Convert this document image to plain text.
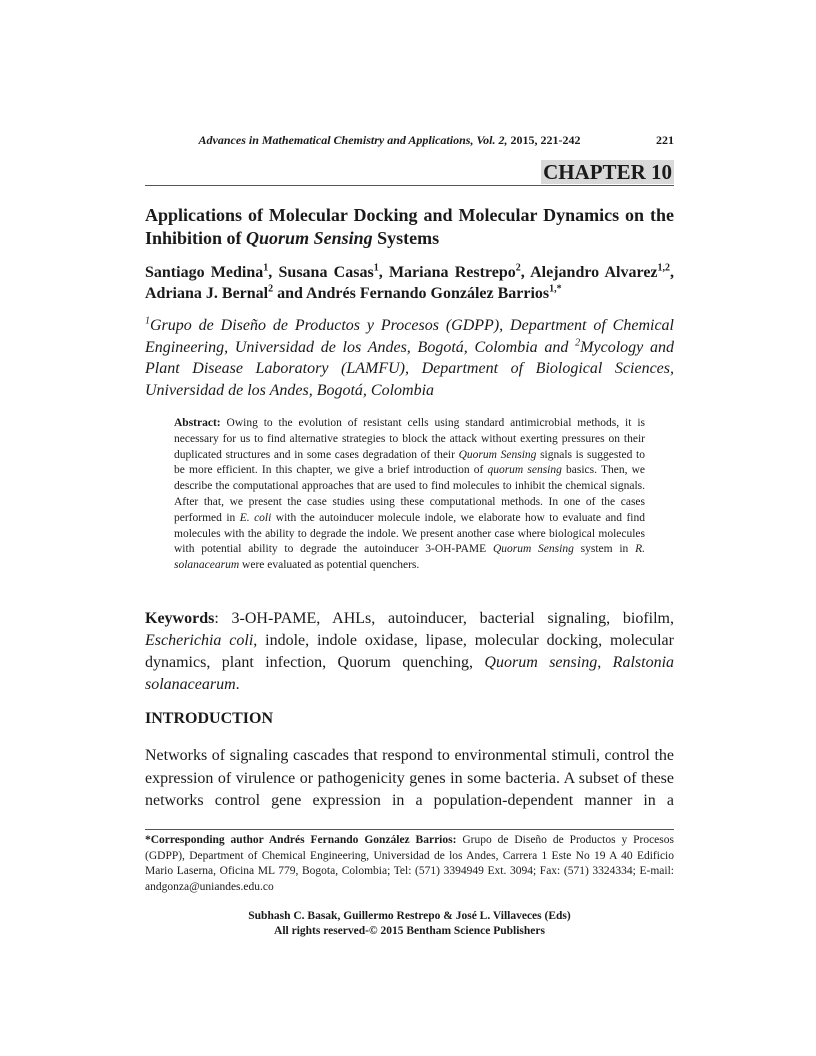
Advances in Mathematical Chemistry and Applications, Vol. 2, 2015, 221-242	221
CHAPTER 10
Applications of Molecular Docking and Molecular Dynamics on the Inhibition of Quorum Sensing Systems
Santiago Medina$^1$, Susana Casas$^1$, Mariana Restrepo$^2$, Alejandro Alvarez$^{1,2}$, Adriana J. Bernal$^2$ and Andrés Fernando González Barrios$^{1,*}$
$^1$Grupo de Diseño de Productos y Procesos (GDPP), Department of Chemical Engineering, Universidad de los Andes, Bogotá, Colombia and $^2$Mycology and Plant Disease Laboratory (LAMFU), Department of Biological Sciences, Universidad de los Andes, Bogotá, Colombia
Abstract: Owing to the evolution of resistant cells using standard antimicrobial methods, it is necessary for us to find alternative strategies to block the attack without exerting pressures on their duplicated structures and in some cases degradation of their Quorum Sensing signals is suggested to be more efficient. In this chapter, we give a brief introduction of quorum sensing basics. Then, we describe the computational approaches that are used to find molecules to inhibit the chemical signals. After that, we present the case studies using these computational methods. In one of the cases performed in E. coli with the autoinducer molecule indole, we elaborate how to evaluate and find molecules with the ability to degrade the indole. We present another case where biological molecules with potential ability to degrade the autoinducer 3-OH-PAME Quorum Sensing system in R. solanacearum were evaluated as potential quenchers.
Keywords: 3-OH-PAME, AHLs, autoinducer, bacterial signaling, biofilm, Escherichia coli, indole, indole oxidase, lipase, molecular docking, molecular dynamics, plant infection, Quorum quenching, Quorum sensing, Ralstonia solanacearum.
INTRODUCTION
Networks of signaling cascades that respond to environmental stimuli, control the expression of virulence or pathogenicity genes in some bacteria. A subset of these networks control gene expression in a population-dependent manner in a
*Corresponding author Andrés Fernando González Barrios: Grupo de Diseño de Productos y Procesos (GDPP), Department of Chemical Engineering, Universidad de los Andes, Carrera 1 Este No 19 A 40 Edificio Mario Laserna, Oficina ML 779, Bogota, Colombia; Tel: (571) 3394949 Ext. 3094; Fax: (571) 3324334; E-mail: andgonza@uniandes.edu.co
Subhash C. Basak, Guillermo Restrepo & José L. Villaveces (Eds)
All rights reserved-© 2015 Bentham Science Publishers
